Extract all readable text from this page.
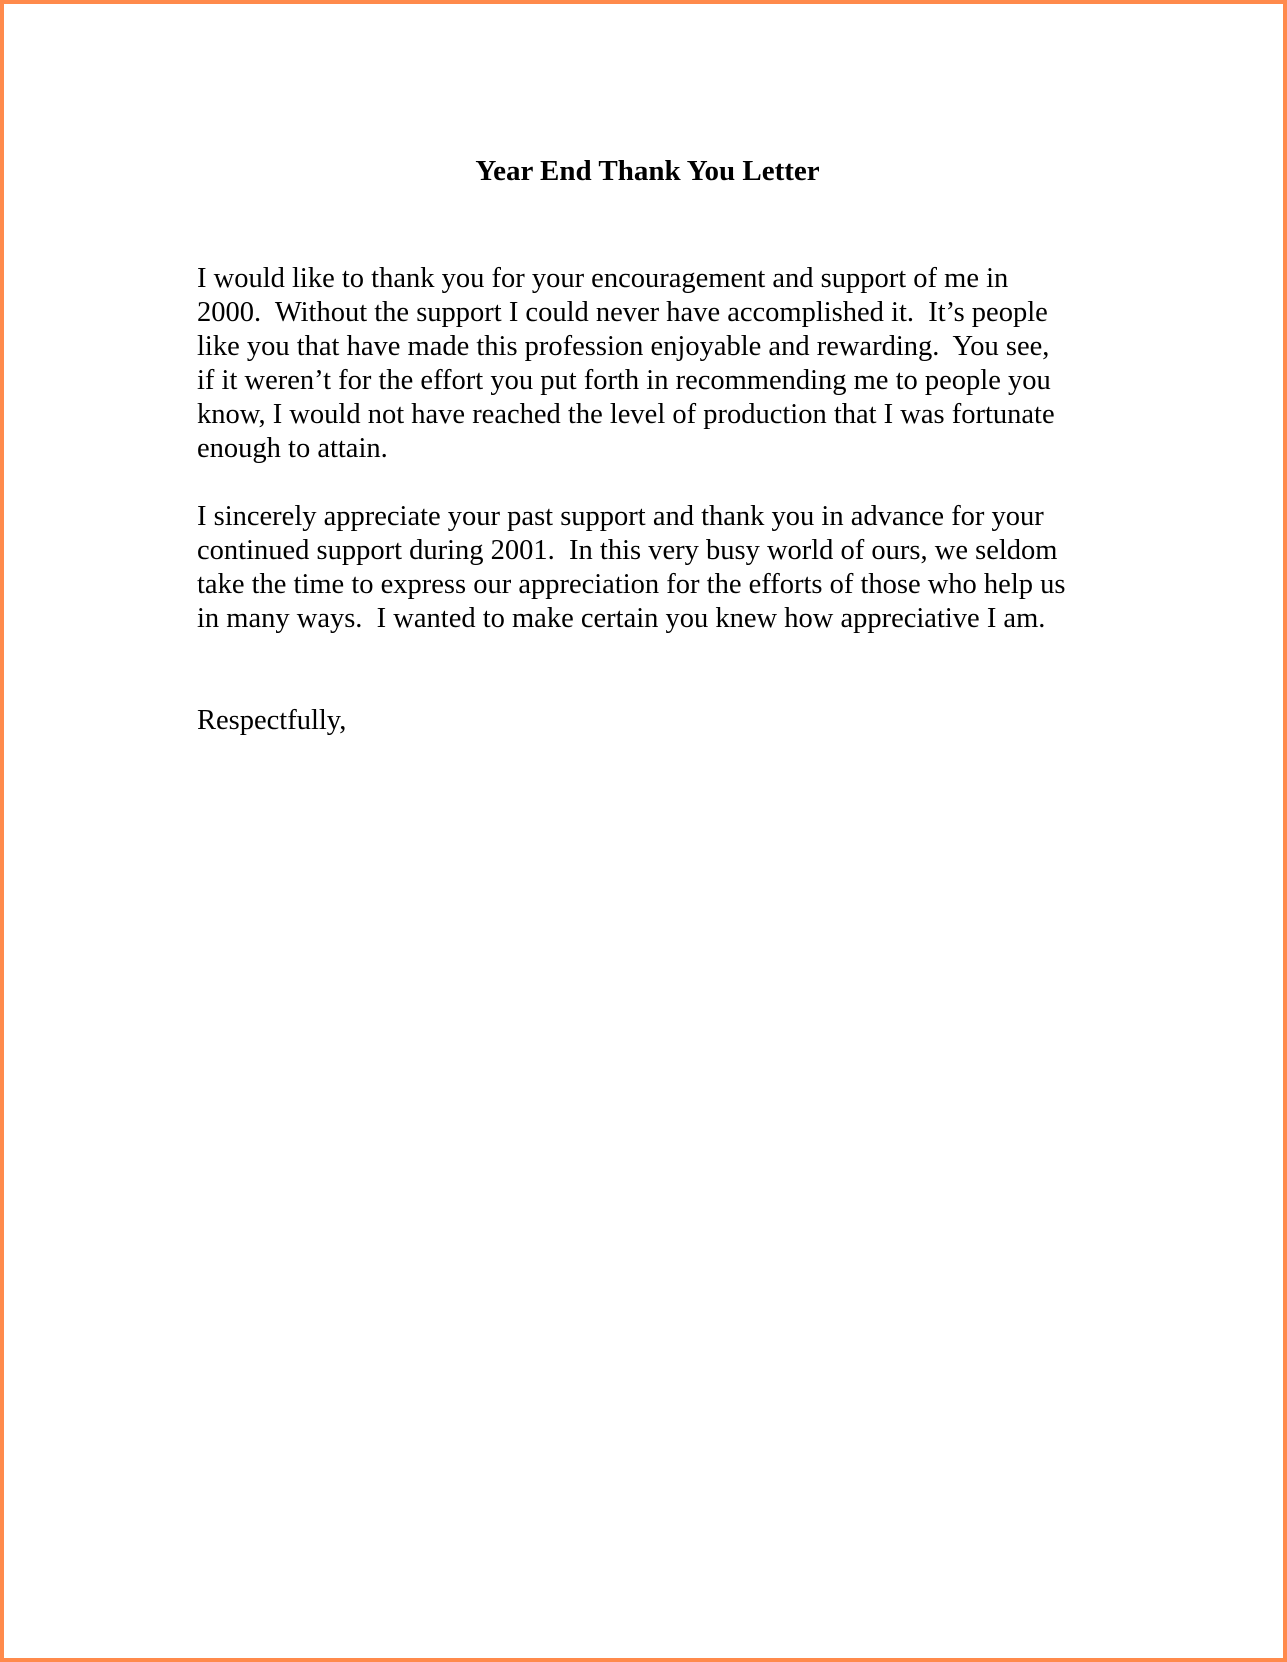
Year End Thank You Letter
I would like to thank you for your encouragement and support of me in
2000.  Without the support I could never have accomplished it.  It’s people
like you that have made this profession enjoyable and rewarding.  You see,
if it weren’t for the effort you put forth in recommending me to people you
know, I would not have reached the level of production that I was fortunate
enough to attain.
I sincerely appreciate your past support and thank you in advance for your
continued support during 2001.  In this very busy world of ours, we seldom
take the time to express our appreciation for the efforts of those who help us
in many ways.  I wanted to make certain you knew how appreciative I am.
Respectfully,
